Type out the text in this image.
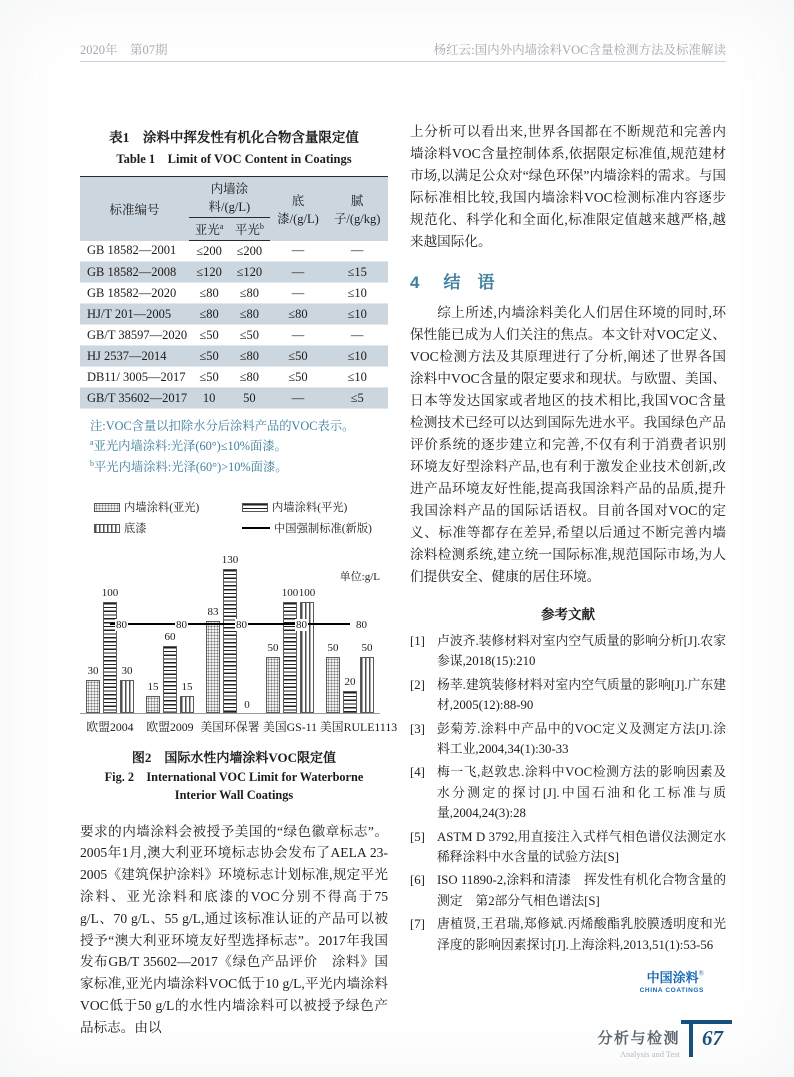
2020年　第07期	杨红云:国内外内墙涂料VOC含量检测方法及标准解读
表1　涂料中挥发性有机化合物含量限定值
Table 1　Limit of VOC Content in Coatings
标准编号	内墙涂料/(g/L)		底漆/(g/L)	腻子/(g/kg)
	亚光$^a$	平光$^b$
GB 18582—2001	≤200	≤200	—	—
GB 18582—2008	≤120	≤120	—	≤15
GB 18582—2020	≤80	≤80	—	≤10
HJ/T 201—2005	≤80	≤80	≤80	≤10
GB/T 38597—2020	≤50	≤50	—	—
HJ 2537—2014	≤50	≤80	≤50	≤10
DB11/ 3005—2017	≤50	≤80	≤50	≤10
GB/T 35602—2017	10	50	—	≤5
注:VOC含量以扣除水分后涂料产品的VOC表示。
$^a$亚光内墙涂料:光泽(60°)≤10%面漆。
$^b$平光内墙涂料:光泽(60°)>10%面漆。
内墙涂料(亚光)	内墙涂料(平光)
底漆	中国强制标准(新版)
单位:g/L
30
100
30
15
60
15
83
130
0
50
100 100
50
20
50
80	80	80	80	80
欧盟2004	欧盟2009 美国环保署 美国GS-11 美国RULE1113
图2　国际水性内墙涂料VOC限定值
Fig. 2　International VOC Limit for Waterborne Interior Wall Coatings

要求的内墙涂料会被授予美国的“绿色徽章标志”。2005年1月,澳大利亚环境标志协会发布了AELA 23-2005《建筑保护涂料》环境标志计划标准,规定平光涂料、亚光涂料和底漆的VOC分别不得高于75 g/L、70 g/L、55 g/L,通过该标准认证的产品可以被授予“澳大利亚环境友好型选择标志”。2017年我国发布GB/T 35602—2017《绿色产品评价　涂料》国家标准,亚光内墙涂料VOC低于10 g/L,平光内墙涂料VOC低于50 g/L的水性内墙涂料可以被授予绿色产品标志。由以

上分析可以看出来,世界各国都在不断规范和完善内墙涂料VOC含量控制体系,依据限定标准值,规范建材市场,以满足公众对“绿色环保”内墙涂料的需求。与国际标准相比较,我国内墙涂料VOC检测标准内容逐步规范化、科学化和全面化,标准限定值越来越严格,越来越国际化。

4 结　语

综上所述,内墙涂料美化人们居住环境的同时,环保性能已成为人们关注的焦点。本文针对VOC定义、VOC检测方法及其原理进行了分析,阐述了世界各国涂料中VOC含量的限定要求和现状。与欧盟、美国、日本等发达国家或者地区的技术相比,我国VOC含量检测技术已经可以达到国际先进水平。我国绿色产品评价系统的逐步建立和完善,不仅有利于消费者识别环境友好型涂料产品,也有利于激发企业技术创新,改进产品环境友好性能,提高我国涂料产品的品质,提升我国涂料产品的国际话语权。目前各国对VOC的定义、标准等都存在差异,希望以后通过不断完善内墙涂料检测系统,建立统一国际标准,规范国际市场,为人们提供安全、健康的居住环境。

参考文献
[1] 卢波齐.装修材料对室内空气质量的影响分析[J].农家参谋,2018(15):210
[2] 杨莘.建筑装修材料对室内空气质量的影响[J].广东建材,2005(12):88-90
[3] 彭菊芳.涂料中产品中的VOC定义及测定方法[J].涂料工业,2004,34(1):30-33
[4] 梅一飞,赵敦忠.涂料中VOC检测方法的影响因素及水分测定的探讨[J].中国石油和化工标准与质量,2004,24(3):28
[5] ASTM D 3792,用直接注入式样气相色谱仪法测定水稀释涂料中水含量的试验方法[S]
[6] ISO 11890-2,涂料和清漆　挥发性有机化合物含量的测定　第2部分气相色谱法[S]
[7] 唐植贤,王君瑞,郑修斌.丙烯酸酯乳胶膜透明度和光泽度的影响因素探讨[J].上海涂料,2013,51(1):53-56
中国涂料®
CHINA COATINGS
分析与检测
Analysis and Test
67
